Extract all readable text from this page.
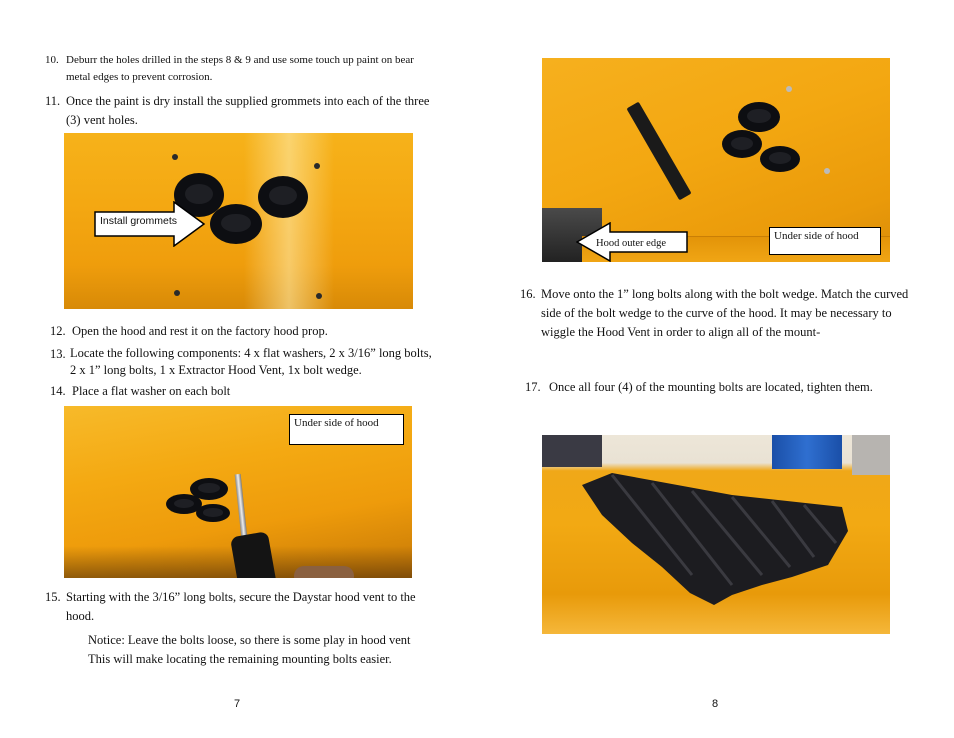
10. Deburr the holes drilled in the steps 8 & 9 and use some touch up paint on bear metal edges to prevent corrosion.
11. Once the paint is dry install the supplied grommets into each of the three (3) vent holes.
Install grommets
12. Open the hood and rest it on the factory hood prop.
13. Locate the following components: 4 x flat washers, 2 x 3/16” long bolts, 2 x 1” long bolts, 1 x Extractor Hood Vent, 1x bolt wedge.
14. Place a flat washer on each bolt
Under side of hood
15. Starting with the 3/16” long bolts, secure the Daystar hood vent to the hood.
Notice: Leave the bolts loose, so there is some play in hood vent
This will make locating the remaining mounting bolts easier.
7
Hood outer edge
Under side of hood
16. Move onto the 1” long bolts along with the bolt wedge. Match the curved side of the bolt wedge to the curve of the hood. It may be necessary to wiggle the Hood Vent in order to align all of the mount-
17. Once all four (4) of the mounting bolts are located, tighten them.
8
